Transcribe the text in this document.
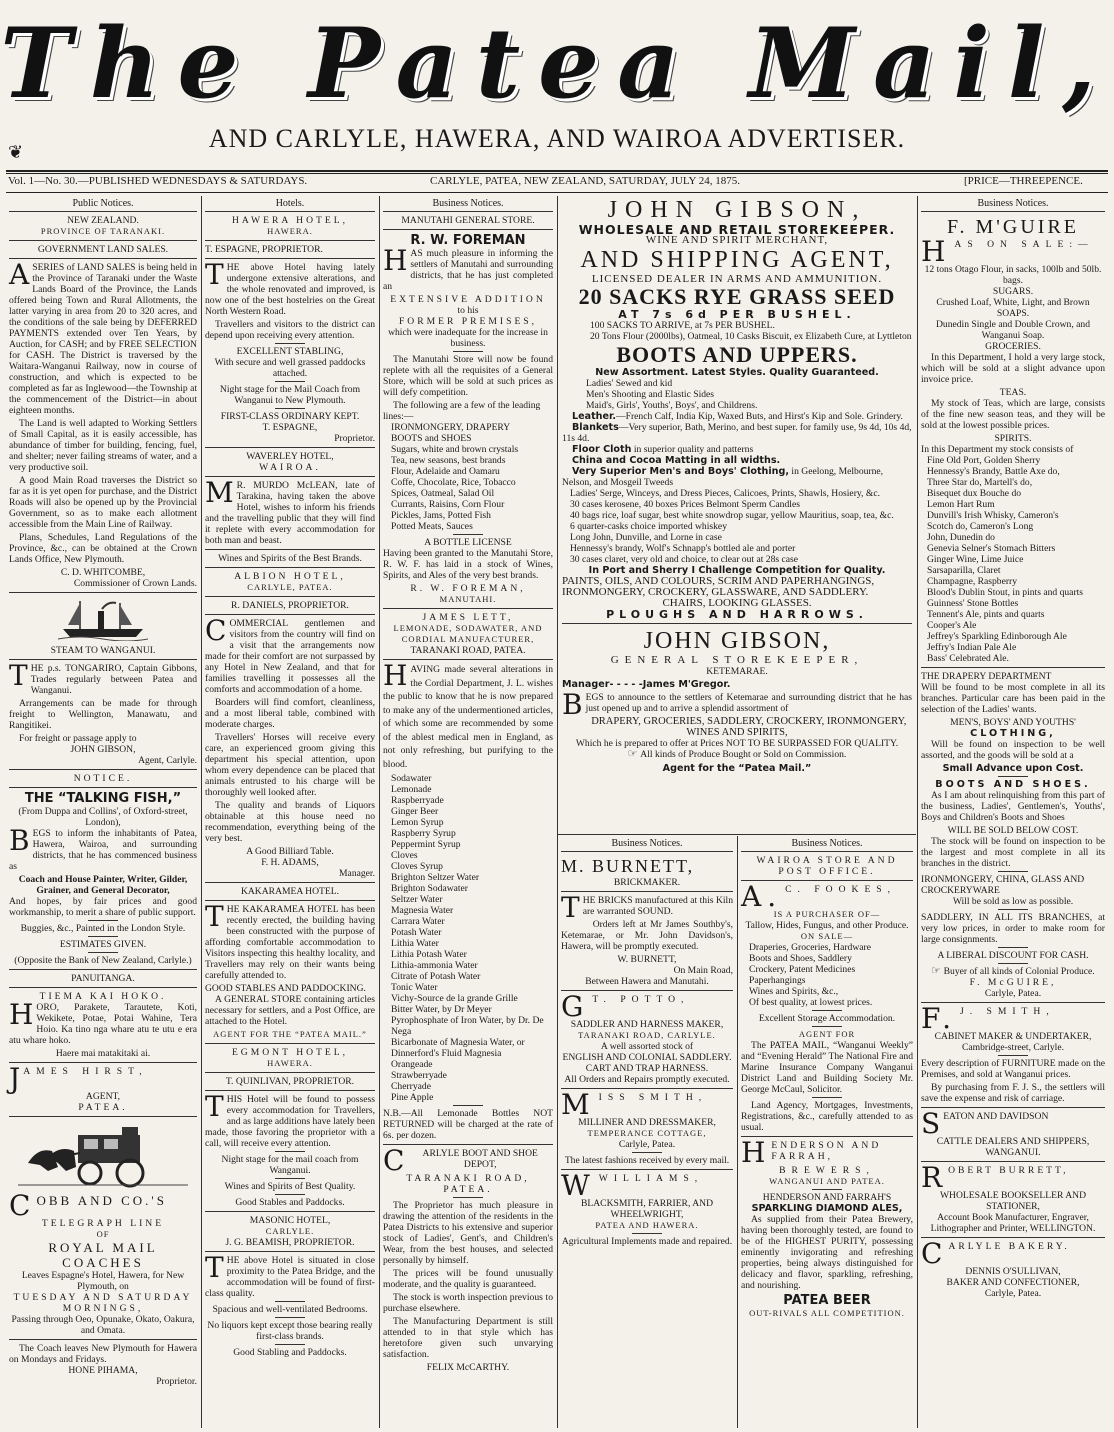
The Patea Mail,
AND CARLYLE, HAWERA, AND WAIROA ADVERTISER.
❦
Vol. 1—No. 30.—PUBLISHED WEDNESDAYS & SATURDAYS.	CARLYLE, PATEA, NEW ZEALAND, SATURDAY, JULY 24, 1875.	[PRICE—THREEPENCE.
Public Notices.
NEW ZEALAND.
PROVINCE OF TARANAKI.
GOVERNMENT LAND SALES.
ASERIES of LAND SALES is being held in the Province of Taranaki under the Waste Lands Board of the Province, the Lands offered being Town and Rural Allotments, the latter varying in area from 20 to 320 acres, and the conditions of the sale being by DEFERRED PAYMENTS extended over Ten Years, by Auction, for CASH; and by FREE SELECTION for CASH. The District is traversed by the Waitara-Wanganui Railway, now in course of construction, and which is expected to be completed as far as Inglewood—the Township at the commencement of the District—in about eighteen months.
The Land is well adapted to Working Settlers of Small Capital, as it is easily accessible, has abundance of timber for building, fencing, fuel, and shelter; never failing streams of water, and a very productive soil.
A good Main Road traverses the District so far as it is yet open for purchase, and the District Roads will also be opened up by the Provincial Government, so as to make each allotment accessible from the Main Line of Railway.
Plans, Schedules, Land Regulations of the Province, &c., can be obtained at the Crown Lands Office, New Plymouth.
C. D. WHITCOMBE,
Commissioner of Crown Lands.
STEAM TO WANGANUI.
THE p.s. TONGARIRO, Captain Gibbons, Trades regularly between Patea and Wanganui.
Arrangements can be made for through freight to Wellington, Manawatu, and Rangitikei.
For freight or passage apply to
JOHN GIBSON,
Agent, Carlyle.
NOTICE.
THE “TALKING FISH,”
(From Duppa and Collins', of Oxford-street, London),
BEGS to inform the inhabitants of Patea, Hawera, Wairoa, and surrounding districts, that he has commenced business as
Coach and House Painter, Writer, Gilder, Grainer, and General Decorator,
And hopes, by fair prices and good workmanship, to merit a share of public support.
Buggies, &c., Painted in the London Style.
ESTIMATES GIVEN.
(Opposite the Bank of New Zealand, Carlyle.)
PANUITANGA.
TIEMA KAI HOKO.
HORO, Parakete, Tarautete, Koti, Wekikete, Potae, Potai Wahine, Tera Hoio. Ka tino nga whare atu te utu e era atu whare hoko.
Haere mai matakitaki ai.
JAMES HIRST,
AGENT,
PATEA.
COBB AND CO.'S
TELEGRAPH LINE
OF
ROYAL MAIL COACHES
Leaves Espagne's Hotel, Hawera, for New Plymouth, on
TUESDAY AND SATURDAY MORNINGS,
Passing through Oeo, Opunake, Okato, Oakura, and Omata.
The Coach leaves New Plymouth for Hawera on Mondays and Fridays.
HONE PIHAMA,
Proprietor.
Hotels.
HAWERA HOTEL,
HAWERA.
T. ESPAGNE, PROPRIETOR.
THE above Hotel having lately undergone extensive alterations, and the whole renovated and improved, is now one of the best hostelries on the Great North Western Road.
Travellers and visitors to the district can depend upon receiving every attention.
EXCELLENT STABLING,
With secure and well grassed paddocks attached.
Night stage for the Mail Coach from Wanganui to New Plymouth.
FIRST-CLASS ORDINARY KEPT.
T. ESPAGNE,
Proprietor.
WAVERLEY HOTEL,
WAIROA.
M R. MURDO McLEAN, late of Tarakina, having taken the above Hotel, wishes to inform his friends and the travelling public that they will find it replete with every accommodation for both man and beast.
Wines and Spirits of the Best Brands.
ALBION HOTEL,
CARLYLE, PATEA.
R. DANIELS, PROPRIETOR.
COMMERCIAL gentlemen and visitors from the country will find on a visit that the arrangements now made for their comfort are not surpassed by any Hotel in New Zealand, and that for families travelling it possesses all the comforts and accommodation of a home.
Boarders will find comfort, cleanliness, and a most liberal table, combined with moderate charges.
Travellers' Horses will receive every care, an experienced groom giving this department his special attention, upon whom every dependence can be placed that animals entrusted to his charge will be thoroughly well looked after.
The quality and brands of Liquors obtainable at this house need no recommendation, everything being of the very best.
A Good Billiard Table.
F. H. ADAMS,
Manager.
KAKARAMEA HOTEL.
THE KAKARAMEA HOTEL has been recently erected, the building having been constructed with the purpose of affording comfortable accommodation to Visitors inspecting this healthy locality, and Travellers may rely on their wants being carefully attended to.
GOOD STABLES AND PADDOCKING.
A GENERAL STORE containing articles necessary for settlers, and a Post Office, are attached to the Hotel.
AGENT FOR THE “PATEA MAIL.”
EGMONT HOTEL,
HAWERA.
T. QUINLIVAN, PROPRIETOR.
THIS Hotel will be found to possess every accommodation for Travellers, and as large additions have lately been made, those favoring the proprietor with a call, will receive every attention.
Night stage for the mail coach from Wanganui.
Wines and Spirits of Best Quality.
Good Stables and Paddocks.
MASONIC HOTEL,
CARLYLE.
J. G. BEAMISH, PROPRIETOR.
THE above Hotel is situated in close proximity to the Patea Bridge, and the accommodation will be found of first-class quality.
Spacious and well-ventilated Bedrooms.
No liquors kept except those bearing really first-class brands.
Good Stabling and Paddocks.
Business Notices.
MANUTAHI GENERAL STORE.
R. W. FOREMAN
HAS much pleasure in informing the settlers of Manutahi and surrounding districts, that he has just completed an
EXTENSIVE ADDITION
to his
FORMER PREMISES,
which were inadequate for the increase in business.
The Manutahi Store will now be found replete with all the requisites of a General Store, which will be sold at such prices as will defy competition.
The following are a few of the leading lines:—
IRONMONGERY, DRAPERY
BOOTS and SHOES
Sugars, white and brown crystals
Tea, new seasons, best brands
Flour, Adelaide and Oamaru
Coffe, Chocolate, Rice, Tobacco
Spices, Oatmeal, Salad Oil
Currants, Raisins, Corn Flour
Pickles, Jams, Potted Fish
Potted Meats, Sauces
A BOTTLE LICENSE
Having been granted to the Manutahi Store, R. W. F. has laid in a stock of Wines, Spirits, and Ales of the very best brands.
R. W. FOREMAN,
MANUTAHI.
JAMES LETT,
LEMONADE, SODAWATER, AND CORDIAL MANUFACTURER,
TARANAKI ROAD, PATEA.
HAVING made several alterations in the Cordial Department, J. L. wishes the public to know that he is now prepared to make any of the undermentioned articles, of which some are recommended by some of the ablest medical men in England, as not only refreshing, but purifying to the blood.
Sodawater
Lemonade
Raspberryade
Ginger Beer
Lemon Syrup
Raspberry Syrup
Peppermint Syrup
Cloves
Cloves Syrup
Brighton Seltzer Water
Brighton Sodawater
Seltzer Water
Magnesia Water
Carrara Water
Potash Water
Lithia Water
Lithia Potash Water
Lithia-ammonia Water
Citrate of Potash Water
Tonic Water
Vichy-Source de la grande Grille
Bitter Water, by Dr Meyer
Pyrophosphate of Iron Water, by Dr. De Nega
Bicarbonate of Magnesia Water, or Dinnerford's Fluid Magnesia
Orangeade
Strawberryade
Cherryade
Pine Apple
N.B.—All Lemonade Bottles NOT RETURNED will be charged at the rate of 6s. per dozen.
C ARLYLE BOOT AND SHOE DEPOT,
TARANAKI ROAD,
PATEA.
The Proprietor has much pleasure in drawing the attention of the residents in the Patea Districts to his extensive and superior stock of Ladies', Gent's, and Children's Wear, from the best houses, and selected personally by himself.
The prices will be found unusually moderate, and the quality is guaranteed.
The stock is worth inspection previous to purchase elsewhere.
The Manufacturing Department is still attended to in that style which has heretofore given such unvarying satisfaction.
FELIX McCARTHY.
JOHN GIBSON,
WHOLESALE AND RETAIL STOREKEEPER.
WINE AND SPIRIT MERCHANT,
AND SHIPPING AGENT,
LICENSED DEALER IN ARMS AND AMMUNITION.
20 SACKS RYE GRASS SEED
AT 7s 6d PER BUSHEL.
100 SACKS TO ARRIVE, at 7s PER BUSHEL.
20 Tons Flour (2000lbs), Oatmeal, 10 Casks Biscuit, ex Elizabeth Cure, at Lyttleton
BOOTS AND UPPERS.
New Assortment. Latest Styles. Quality Guaranteed.
Ladies' Sewed and kid
Men's Shooting and Elastic Sides
Maid's, Girls', Youths', Boys', and Childrens.
Leather.—French Calf, India Kip, Waxed Buts, and Hirst's Kip and Sole. Grindery.
Blankets—Very superior, Bath, Merino, and best super. for family use, 9s 4d, 10s 4d, 11s 4d.
Floor Cloth in superior quality and patterns
China and Cocoa Matting in all widths.
Very Superior Men's and Boys' Clothing, in Geelong, Melbourne, Nelson, and Mosgeil Tweeds
Ladies' Serge, Winceys, and Dress Pieces, Calicoes, Prints, Shawls, Hosiery, &c.
30 cases kerosene, 40 boxes Prices Belmont Sperm Candles
40 bags rice, loaf sugar, best white snowdrop sugar, yellow Mauritius, soap, tea, &c.
6 quarter-casks choice imported whiskey
Long John, Dunville, and Lorne in case
Hennessy's brandy, Wolf's Schnapp's bottled ale and porter
30 cases claret, very old and choice, to clear out at 28s case
In Port and Sherry I Challenge Competition for Quality.
PAINTS, OILS, AND COLOURS, SCRIM AND PAPERHANGINGS,
IRONMONGERY, CROCKERY, GLASSWARE, AND SADDLERY.
CHAIRS, LOOKING GLASSES.
PLOUGHS AND HARROWS.
JOHN GIBSON,
GENERAL STOREKEEPER,
KETEMARAE.
Manager- - - - -James M'Gregor.
BEGS to announce to the settlers of Ketemarae and surrounding district that he has just opened up and to arrive a splendid assortment of
DRAPERY, GROCERIES, SADDLERY, CROCKERY, IRONMONGERY, WINES AND SPIRITS,
Which he is prepared to offer at Prices NOT TO BE SURPASSED FOR QUALITY.
☞ All kinds of Produce Bought or Sold on Commission.
Agent for the “Patea Mail.”
Business Notices.
M. BURNETT,
BRICKMAKER.
THE BRICKS manufactured at this Kiln are warranted SOUND.
Orders left at Mr James Southby's, Ketemarae, or Mr. John Davidson's, Hawera, will be promptly executed.
W. BURNETT,
On Main Road,
Between Hawera and Manutahi.
G T. POTTO,
SADDLER AND HARNESS MAKER,
TARANAKI ROAD, CARLYLE.
A well assorted stock of
ENGLISH AND COLONIAL SADDLERY. CART AND TRAP HARNESS.
All Orders and Repairs promptly executed.
MISS SMITH,
MILLINER AND DRESSMAKER,
TEMPERANCE COTTAGE,
Carlyle, Patea.
The latest fashions received by every mail.
WWILLIAMS,
BLACKSMITH, FARRIER, AND WHEELWRIGHT,
PATEA AND HAWERA.
Agricultural Implements made and repaired.
Business Notices.
WAIROA STORE AND POST OFFICE.
A. C. FOOKES,
IS A PURCHASER OF—
Tallow, Hides, Fungus, and other Produce.
ON SALE—
Draperies, Groceries, Hardware
Boots and Shoes, Saddlery
Crockery, Patent Medicines
Paperhangings
Wines and Spirits, &c.,
Of best quality, at lowest prices.
Excellent Storage Accommodation.
AGENT FOR
The PATEA MAIL, “Wanganui Weekly” and “Evening Herald” The National Fire and Marine Insurance Company Wanganui District Land and Building Society Mr. George McCaul, Solicitor.
Land Agency, Mortgages, Investments, Registrations, &c., carefully attended to as usual.
HENDERSON AND FARRAH,
BREWERS,
WANGANUI AND PATEA.
HENDERSON AND FARRAH'S
SPARKLING DIAMOND ALES,
As supplied from their Patea Brewery, having been thoroughly tested, are found to be of the HIGHEST PURITY, possessing eminently invigorating and refreshing properties, being always distinguished for delicacy and flavor, sparkling, refreshing, and nourishing.
PATEA BEER
OUT-RIVALS ALL COMPETITION.
Business Notices.
F. M'GUIRE
HAS ON SALE:—
12 tons Otago Flour, in sacks, 100lb and 50lb. bags.
SUGARS.
Crushed Loaf, White, Light, and Brown
SOAPS.
Dunedin Single and Double Crown, and Wanganui Soap.
GROCERIES.
In this Department, I hold a very large stock, which will be sold at a slight advance upon invoice price.
TEAS.
My stock of Teas, which are large, consists of the fine new season teas, and they will be sold at the lowest possible prices.
SPIRITS.
In this Department my stock consists of
Fine Old Port, Golden Sherry
Hennessy's Brandy, Battle Axe do,
Three Star do, Martell's do,
Bisequet dux Bouche do
Lemon Hart Rum
Dunvill's Irish Whisky, Cameron's
Scotch do, Cameron's Long
John, Dunedin do
Genevia Selner's Stomach Bitters
Ginger Wine, Lime Juice
Sarsaparilla, Claret
Champagne, Raspberry
Blood's Dublin Stout, in pints and quarts
Guinness' Stone Bottles
Tennent's Ale, pints and quarts
Cooper's Ale
Jeffrey's Sparkling Edinborough Ale
Jeffry's Indian Pale Ale
Bass' Celebrated Ale.
THE DRAPERY DEPARTMENT
Will be found to be most complete in all its branches. Particular care has been paid in the selection of the Ladies' wants.
MEN'S, BOYS' AND YOUTHS'
CLOTHING,
Will be found on inspection to be well assorted, and the goods will be sold at a
Small Advance upon Cost.
BOOTS AND SHOES.
As I am about relinquishing from this part of the business, Ladies', Gentlemen's, Youths', Boys and Children's Boots and Shoes
WILL BE SOLD BELOW COST.
The stock will be found on inspection to be the largest and most complete in all its branches in the district.
IRONMONGERY, CHINA, GLASS AND CROCKERYWARE
Will be sold as low as possible.
SADDLERY, IN ALL ITS BRANCHES, at very low prices, in order to make room for large consignments.
A LIBERAL DISCOUNT FOR CASH.
☞ Buyer of all kinds of Colonial Produce.
F. McGUIRE,
Carlyle, Patea.
F. J. SMITH,
CABINET MAKER & UNDERTAKER,
Cambridge-street, Carlyle.
Every description of FURNITURE made on the Premises, and sold at Wanganui prices.
By purchasing from F. J. S., the settlers will save the expense and risk of carriage.
SEATON AND DAVIDSON
CATTLE DEALERS AND SHIPPERS,
WANGANUI.
ROBERT BURRETT,
WHOLESALE BOOKSELLER AND STATIONER,
Account Book Manufacturer, Engraver, Lithographer and Printer, WELLINGTON.
CARLYLE BAKERY.
DENNIS O'SULLIVAN,
BAKER AND CONFECTIONER,
Carlyle, Patea.
